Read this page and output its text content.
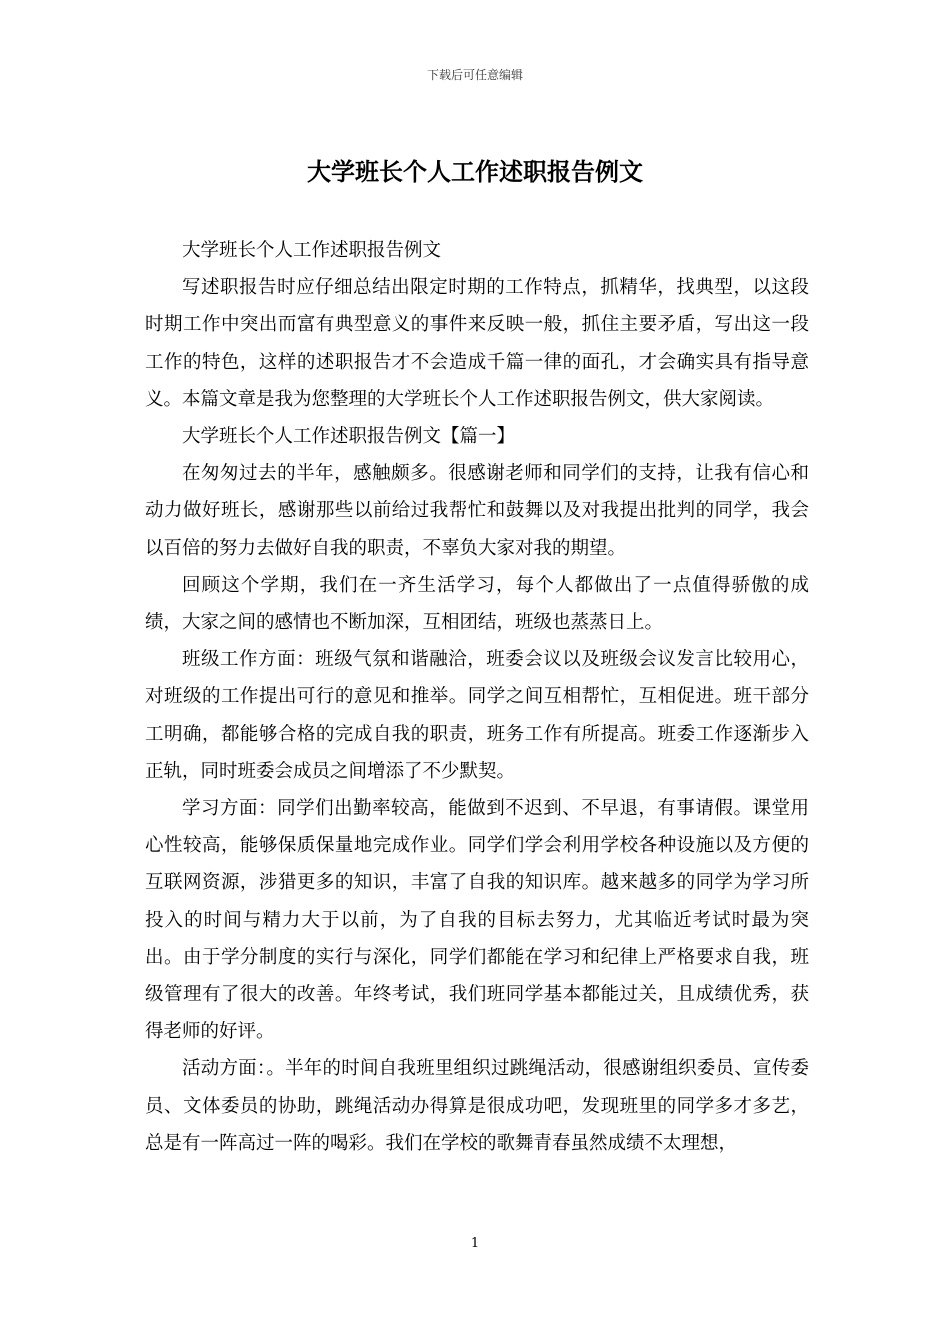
下载后可任意编辑
大学班长个人工作述职报告例文

大学班长个人工作述职报告例文

写述职报告时应仔细总结出限定时期的工作特点，抓精华，找典型，以这段时期工作中突出而富有典型意义的事件来反映一般，抓住主要矛盾，写出这一段工作的特色，这样的述职报告才不会造成千篇一律的面孔，才会确实具有指导意义。本篇文章是我为您整理的大学班长个人工作述职报告例文，供大家阅读。

大学班长个人工作述职报告例文【篇一】

在匆匆过去的半年，感触颇多。很感谢老师和同学们的支持，让我有信心和动力做好班长，感谢那些以前给过我帮忙和鼓舞以及对我提出批判的同学，我会以百倍的努力去做好自我的职责，不辜负大家对我的期望。

回顾这个学期，我们在一齐生活学习，每个人都做出了一点值得骄傲的成绩，大家之间的感情也不断加深，互相团结，班级也蒸蒸日上。

班级工作方面：班级气氛和谐融洽，班委会议以及班级会议发言比较用心，对班级的工作提出可行的意见和推举。同学之间互相帮忙，互相促进。班干部分工明确，都能够合格的完成自我的职责，班务工作有所提高。班委工作逐渐步入正轨，同时班委会成员之间增添了不少默契。

学习方面：同学们出勤率较高，能做到不迟到、不早退，有事请假。课堂用心性较高，能够保质保量地完成作业。同学们学会利用学校各种设施以及方便的互联网资源，涉猎更多的知识，丰富了自我的知识库。越来越多的同学为学习所投入的时间与精力大于以前，为了自我的目标去努力，尤其临近考试时最为突出。由于学分制度的实行与深化，同学们都能在学习和纪律上严格要求自我，班级管理有了很大的改善。年终考试，我们班同学基本都能过关，且成绩优秀，获得老师的好评。

活动方面：。半年的时间自我班里组织过跳绳活动，很感谢组织委员、宣传委员、文体委员的协助，跳绳活动办得算是很成功吧，发现班里的同学多才多艺，总是有一阵高过一阵的喝彩。我们在学校的歌舞青春虽然成绩不太理想，

1
